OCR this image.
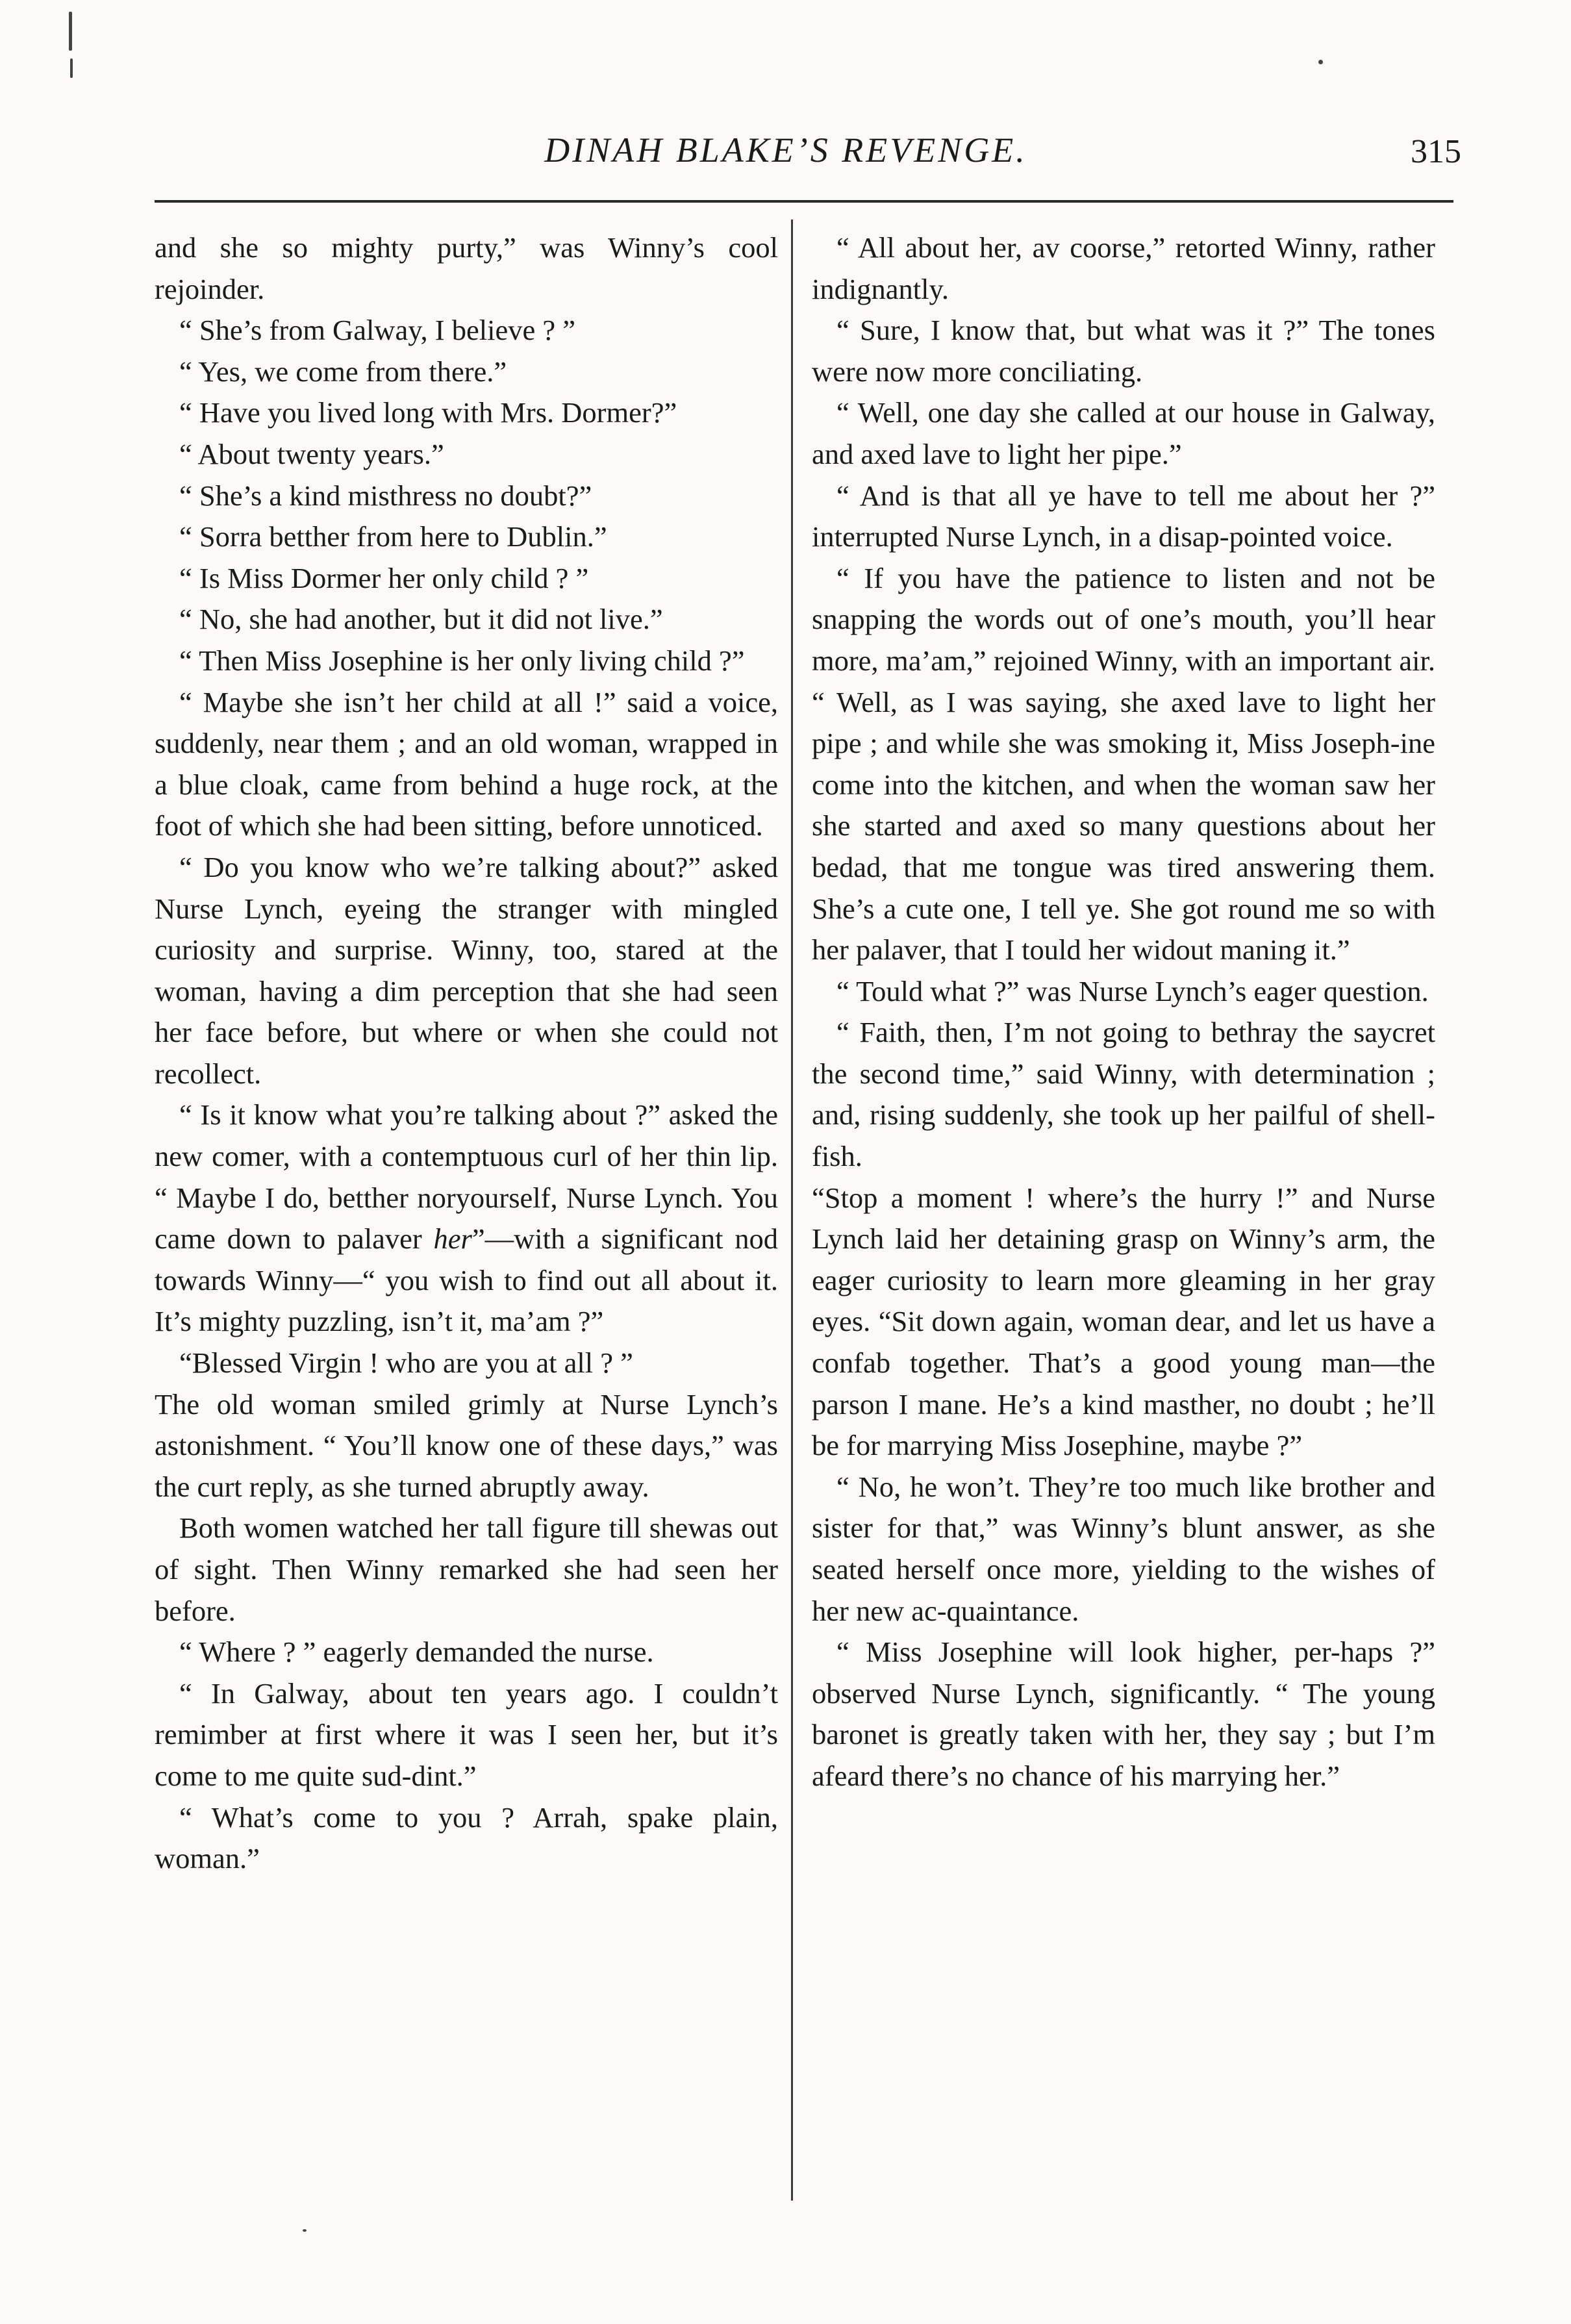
DINAH BLAKE’S REVENGE.	315

and she so mighty purty,” was Winny’s cool rejoinder.

“ She’s from Galway, I believe ? ”

“ Yes, we come from there.”

“ Have you lived long with Mrs. Dormer?”

“ About twenty years.”

“ She’s a kind misthress no doubt?”

“ Sorra betther from here to Dublin.”

“ Is Miss Dormer her only child ? ”

“ No, she had another, but it did not live.”

“ Then Miss Josephine is her only living child ?”

“ Maybe she isn’t her child at all !” said a voice, suddenly, near them ; and an old woman, wrapped in a blue cloak, came from behind a huge rock, at the foot of which she had been sitting, before unnoticed.

“ Do you know who we’re talking about?” asked Nurse Lynch, eyeing the stranger with mingled curiosity and surprise. Winny, too, stared at the woman, having a dim perception that she had seen her face before, but where or when she could not recollect.

“ Is it know what you’re talking about ?” asked the new comer, with a contemptuous curl of her thin lip. “ Maybe I do, betther noryourself, Nurse Lynch. You came down to palaver her”—with a significant nod towards Winny—“ you wish to find out all about it. It’s mighty puzzling, isn’t it, ma’am ?”

“Blessed Virgin ! who are you at all ? ”

The old woman smiled grimly at Nurse Lynch’s astonishment. “ You’ll know one of these days,” was the curt reply, as she turned abruptly away.

Both women watched her tall figure till shewas out of sight. Then Winny remarked she had seen her before.

“ Where ? ” eagerly demanded the nurse.

“ In Galway, about ten years ago. I couldn’t remimber at first where it was I seen her, but it’s come to me quite sud-dint.”

“ What’s come to you ? Arrah, spake plain, woman.”

“ All about her, av coorse,” retorted Winny, rather indignantly.

“ Sure, I know that, but what was it ?” The tones were now more conciliating.

“ Well, one day she called at our house in Galway, and axed lave to light her pipe.”

“ And is that all ye have to tell me about her ?” interrupted Nurse Lynch, in a disap-pointed voice.

“ If you have the patience to listen and not be snapping the words out of one’s mouth, you’ll hear more, ma’am,” rejoined Winny, with an important air. “ Well, as I was saying, she axed lave to light her pipe ; and while she was smoking it, Miss Joseph-ine come into the kitchen, and when the woman saw her she started and axed so many questions about her bedad, that me tongue was tired answering them. She’s a cute one, I tell ye. She got round me so with her palaver, that I tould her widout maning it.”

“ Tould what ?” was Nurse Lynch’s eager question.

“ Faith, then, I’m not going to bethray the saycret the second time,” said Winny, with determination ; and, rising suddenly, she took up her pailful of shell-fish.

“Stop a moment ! where’s the hurry !” and Nurse Lynch laid her detaining grasp on Winny’s arm, the eager curiosity to learn more gleaming in her gray eyes. “Sit down again, woman dear, and let us have a confab together. That’s a good young man—the parson I mane. He’s a kind masther, no doubt ; he’ll be for marrying Miss Josephine, maybe ?”

“ No, he won’t. They’re too much like brother and sister for that,” was Winny’s blunt answer, as she seated herself once more, yielding to the wishes of her new ac-quaintance.

“ Miss Josephine will look higher, per-haps ?” observed Nurse Lynch, significantly. “ The young baronet is greatly taken with her, they say ; but I’m afeard there’s no chance of his marrying her.”
